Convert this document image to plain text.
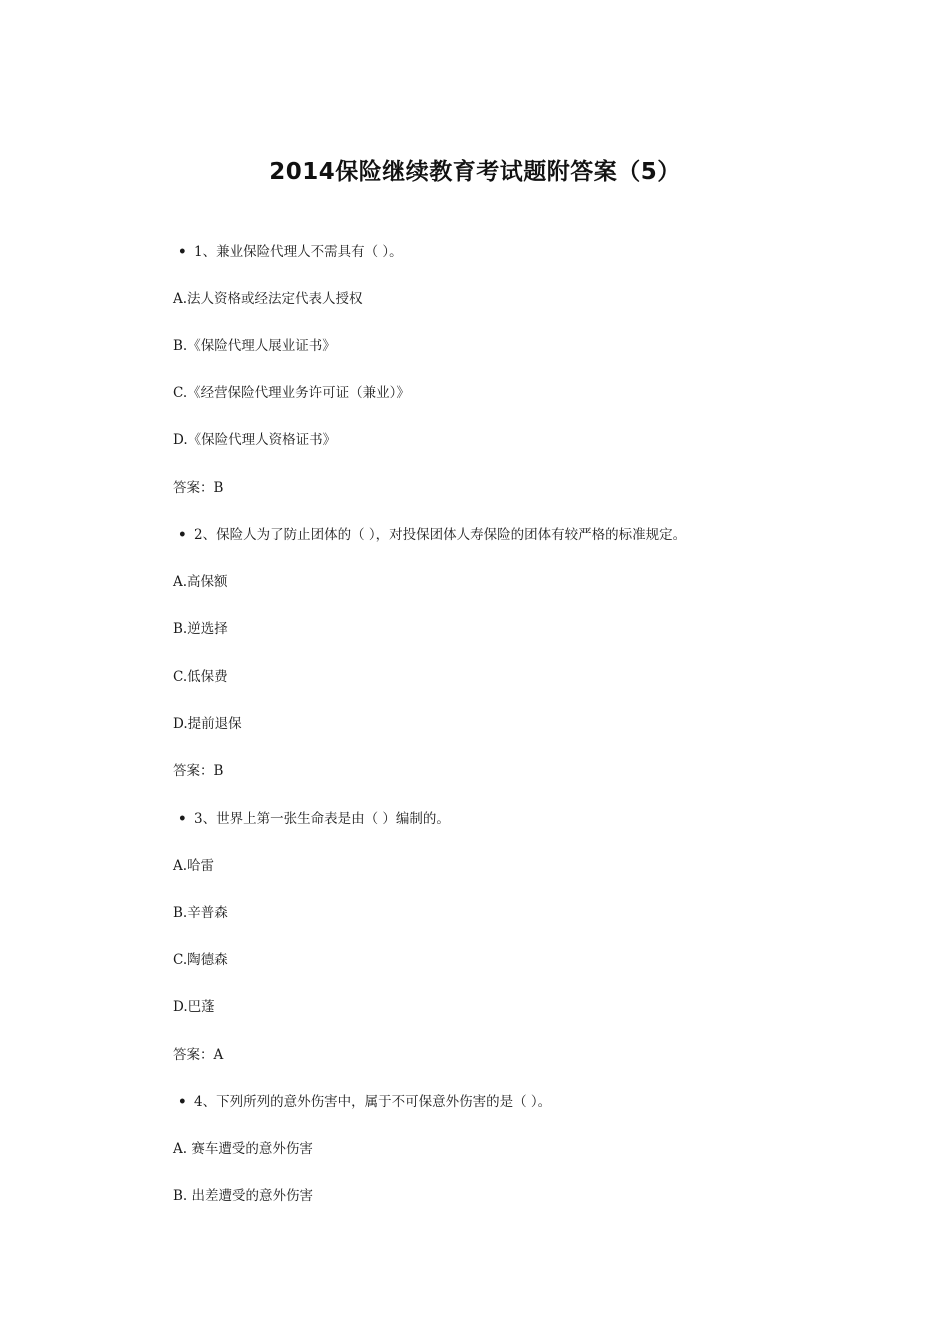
2014保险继续教育考试题附答案（5）
• 1、兼业保险代理人不需具有（ ）。
A.法人资格或经法定代表人授权
B.《保险代理人展业证书》
C.《经营保险代理业务许可证（兼业）》
D.《保险代理人资格证书》
答案：B
• 2、保险人为了防止团体的（ ），对投保团体人寿保险的团体有较严格的标准规定。
A.高保额
B.逆选择
C.低保费
D.提前退保
答案：B
• 3、世界上第一张生命表是由（ ）编制的。
A.哈雷
B.辛普森
C.陶德森
D.巴蓬
答案：A
• 4、下列所列的意外伤害中，属于不可保意外伤害的是（ ）。
A. 赛车遭受的意外伤害
B. 出差遭受的意外伤害
